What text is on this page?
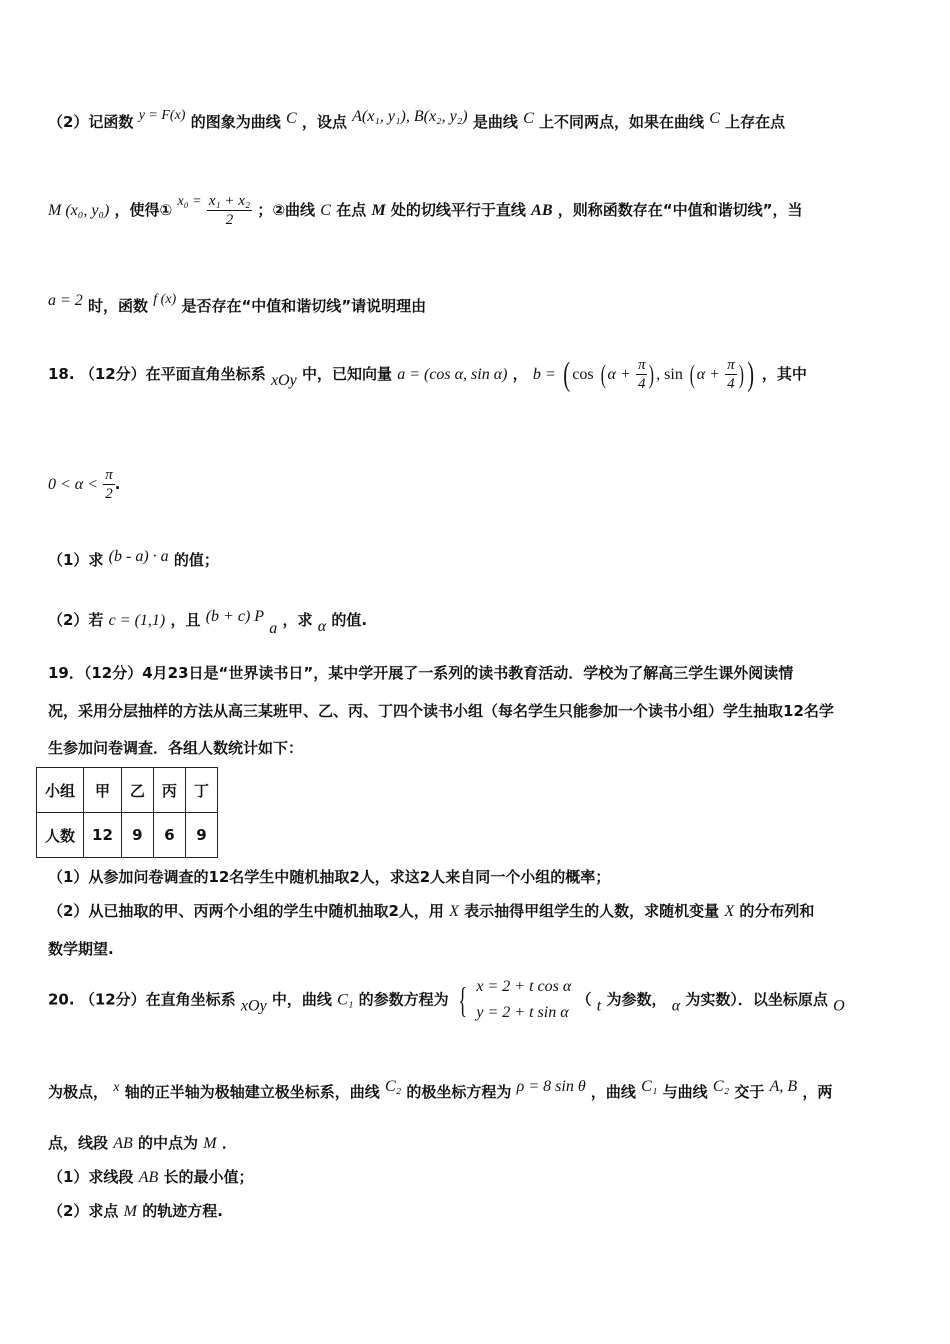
（2）记函数 y = F(x) 的图象为曲线 C ，设点 A(x₁, y₁), B(x₂, y₂) 是曲线 C 上不同两点，如果在曲线 C 上存在点
M (x₀, y₀) ，使得① $x_0 = \frac{\text{x₁ + x₂}}{2}$ ；②曲线 C 在点 M 处的切线平行于直线 AB ，则称函数存在“中值和谐切线”，当
a = 2 时，函数 f (x) 是否存在“中值和谐切线”请说明理由
18. （12分）在平面直角坐标系 xOy 中，已知向量 a = (cos α, sin α) ， b = ( cos ( $\alpha + \frac{\pi}{4}$ ) , sin ( $\alpha + \frac{\pi}{4}$ ) ) ，其中
$0 < \alpha < \frac{\pi}{2}$ .
（1）求 (b - a) · a 的值；
（2）若 c = (1,1) ，且 (b + c) P a ，求 α 的值.
19．（12分）4月23日是“世界读书日”，某中学开展了一系列的读书教育活动．学校为了解高三学生课外阅读情
况，采用分层抽样的方法从高三某班甲、乙、丙、丁四个读书小组（每名学生只能参加一个读书小组）学生抽取12名学
生参加问卷调查．各组人数统计如下：
小组	甲	乙	丙	丁
人数	12	9	6	9
（1）从参加问卷调查的12名学生中随机抽取2人，求这2人来自同一个小组的概率；
（2）从已抽取的甲、丙两个小组的学生中随机抽取2人，用 X 表示抽得甲组学生的人数，求随机变量 X 的分布列和
数学期望.
20. （12分）在直角坐标系 xOy 中，曲线 C₁ 的参数方程为 { x = 2 + t cos α
y = 2 + t sin α
（ t 为参数， α 为实数）．以坐标原点 O
为极点， x 轴的正半轴为极轴建立极坐标系，曲线 C₂ 的极坐标方程为 ρ = 8 sin θ ，曲线 C₁ 与曲线 C₂ 交于 A, B ，两
点，线段 AB 的中点为 M ．
（1）求线段 AB 长的最小值；
（2）求点 M 的轨迹方程.
